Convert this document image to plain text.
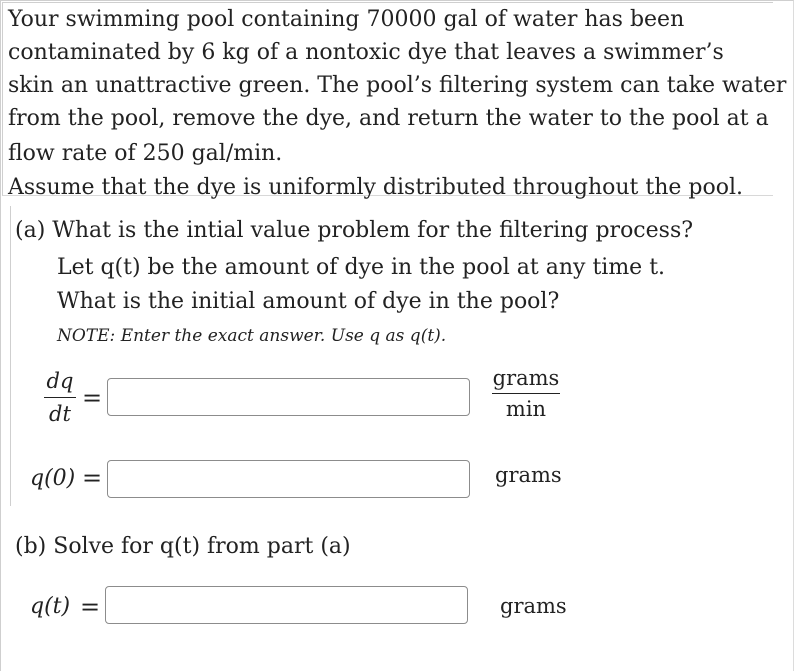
Your swimming pool containing 70000 gal of water has been
contaminated by 6 kg of a nontoxic dye that leaves a swimmer’s
skin an unattractive green. The pool’s filtering system can take water
from the pool, remove the dye, and return the water to the pool at a
flow rate of 250 gal/min.
Assume that the dye is uniformly distributed throughout the pool.
(a) What is the intial value problem for the filtering process?
Let q(t) be the amount of dye in the pool at any time t.
What is the initial amount of dye in the pool?
NOTE: Enter the exact answer. Use q as q(t).
dq
dt
=
grams
min
q(0) =	grams
(b) Solve for q(t) from part (a)
q(t) =	grams
